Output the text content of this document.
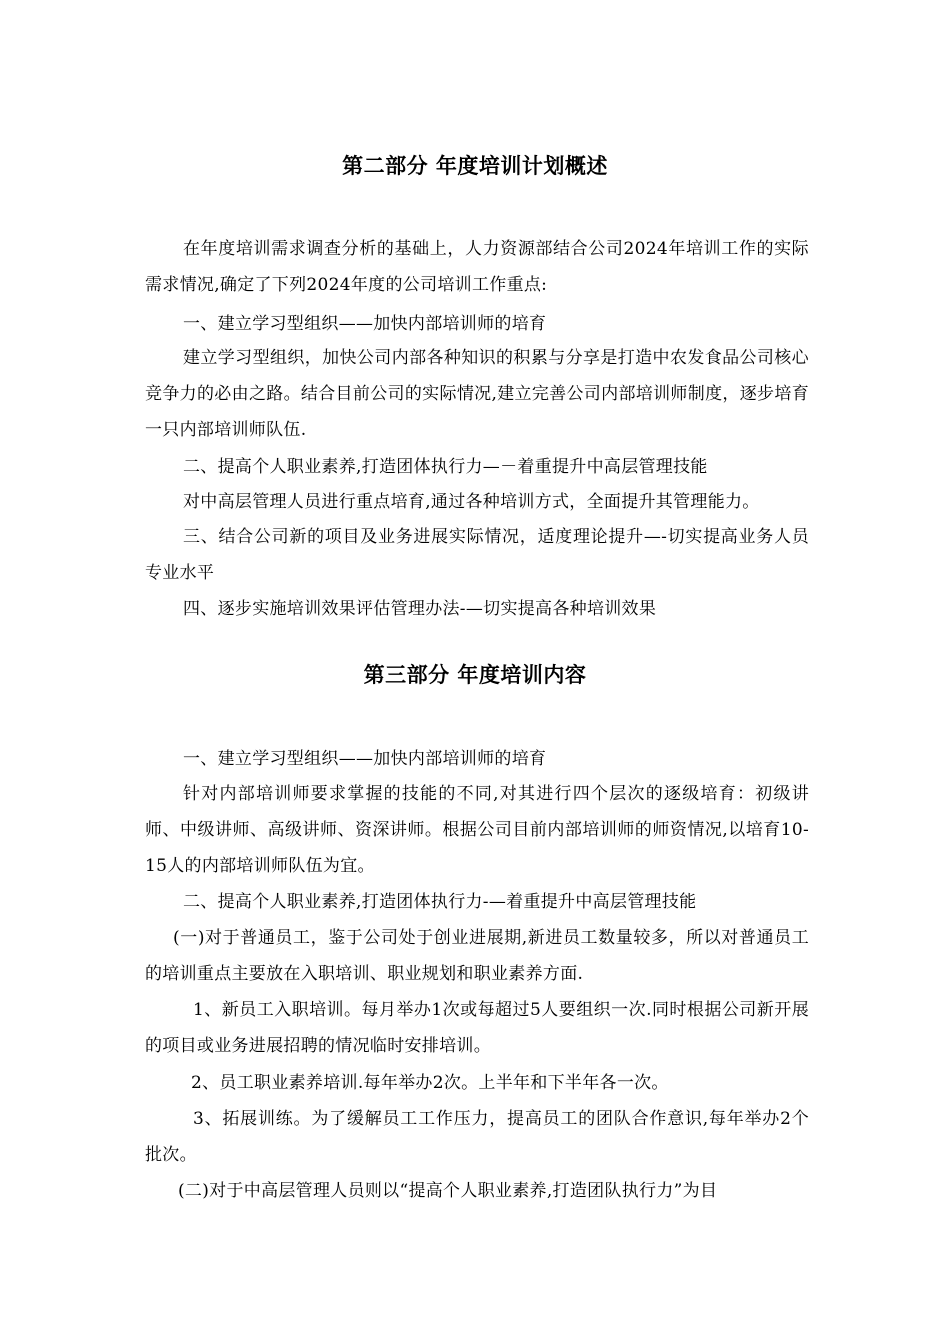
第二部分 年度培训计划概述
在年度培训需求调查分析的基础上，人力资源部结合公司2024年培训工作的实际需求情况,确定了下列2024年度的公司培训工作重点:
一、建立学习型组织——加快内部培训师的培育
建立学习型组织，加快公司内部各种知识的积累与分享是打造中农发食品公司核心竞争力的必由之路。结合目前公司的实际情况,建立完善公司内部培训师制度，逐步培育一只内部培训师队伍.
二、提高个人职业素养,打造团体执行力—－着重提升中高层管理技能
对中高层管理人员进行重点培育,通过各种培训方式，全面提升其管理能力。
三、结合公司新的项目及业务进展实际情况，适度理论提升—-切实提高业务人员专业水平
四、逐步实施培训效果评估管理办法-—切实提高各种培训效果
第三部分 年度培训内容
一、建立学习型组织——加快内部培训师的培育
针对内部培训师要求掌握的技能的不同,对其进行四个层次的逐级培育：初级讲师、中级讲师、高级讲师、资深讲师。根据公司目前内部培训师的师资情况,以培育10-15人的内部培训师队伍为宜。
二、提高个人职业素养,打造团体执行力-—着重提升中高层管理技能
(一)对于普通员工，鉴于公司处于创业进展期,新进员工数量较多，所以对普通员工的培训重点主要放在入职培训、职业规划和职业素养方面.
1、新员工入职培训。每月举办1次或每超过5人要组织一次.同时根据公司新开展的项目或业务进展招聘的情况临时安排培训。
2、员工职业素养培训.每年举办2次。上半年和下半年各一次。
3、拓展训练。为了缓解员工工作压力，提高员工的团队合作意识,每年举办2个批次。
(二)对于中高层管理人员则以“提高个人职业素养,打造团队执行力”为目
